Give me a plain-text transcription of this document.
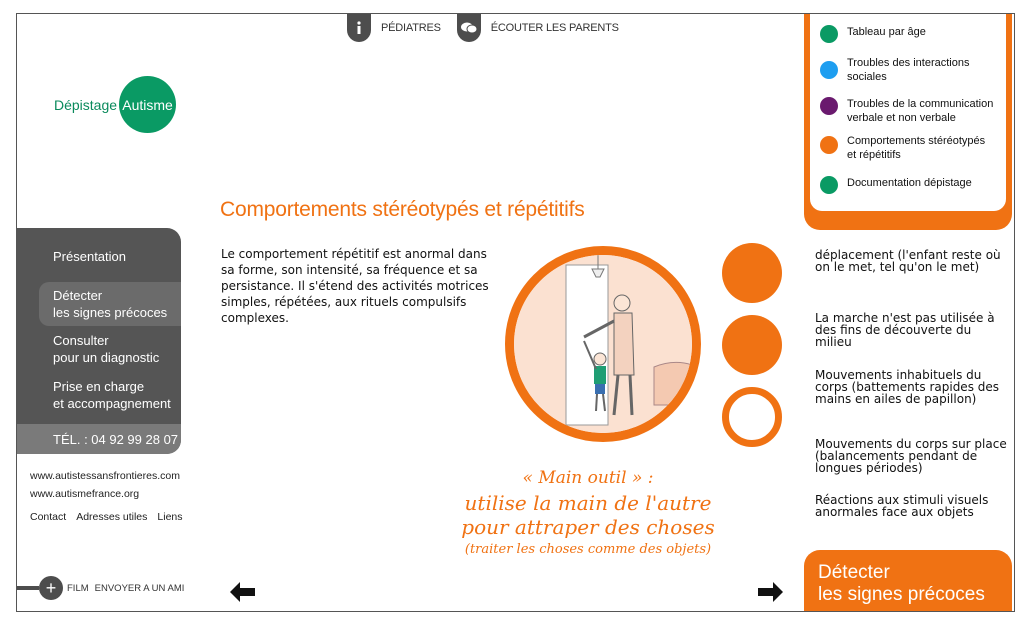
PÉDIATRES	ÉCOUTER LES PARENTS
Dépistage Autisme
Présentation
Détecter
les signes précoces
Consulter
pour un diagnostic
Prise en charge
et accompagnement
TÉL. : 04 92 99 28 07
www.autistessansfrontieres.com
www.autismefrance.org
Contact Adresses utiles Liens
+	FILM ENVOYER A UN AMI
Comportements stéréotypés et répétitifs
Le comportement répétitif est anormal dans sa forme, son intensité, sa fréquence et sa persistance. Il s'étend des activités motrices simples, répétées, aux rituels compulsifs complexes.
« Main outil » :
utilise la main de l'autre
pour attraper des choses
(traiter les choses comme des objets)
déplacement (l'enfant reste où on le met, tel qu'on le met)
La marche n'est pas utilisée à des fins de découverte du milieu
Mouvements inhabituels du corps (battements rapides des mains en ailes de papillon)
Mouvements du corps sur place (balancements pendant de longues périodes)
Réactions aux stimuli visuels anormales face aux objets
Tableau par âge
Troubles des interactions
sociales
Troubles de la communication
verbale et non verbale
Comportements stéréotypés
et répétitifs
Documentation dépistage
Détecter
les signes précoces
